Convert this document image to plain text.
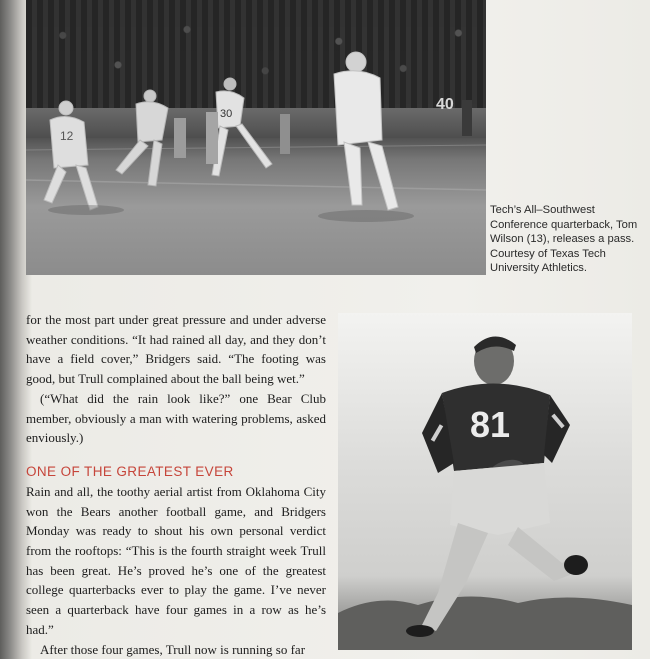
40
12
30
Tech’s All–Southwest Conference quarterback, Tom Wilson (13), releases a pass. Courtesy of Texas Tech University Athletics.

for the most part under great pressure and under adverse weather conditions. “It had rained all day, and they don’t have a field cover,” Bridgers said. “The footing was good, but Trull complained about the ball being wet.”

(“What did the rain look like?” one Bear Club member, obviously a man with watering problems, asked enviously.)

ONE OF THE GREATEST EVER

Rain and all, the toothy aerial artist from Oklahoma City won the Bears another football game, and Bridgers Monday was ready to shout his own personal verdict from the rooftops: “This is the fourth straight week Trull has been great. He’s proved he’s one of the greatest college quarterbacks ever to play the game. I’ve never seen a quarterback have four games in a row as he’s had.”

After those four games, Trull now is running so far

81
